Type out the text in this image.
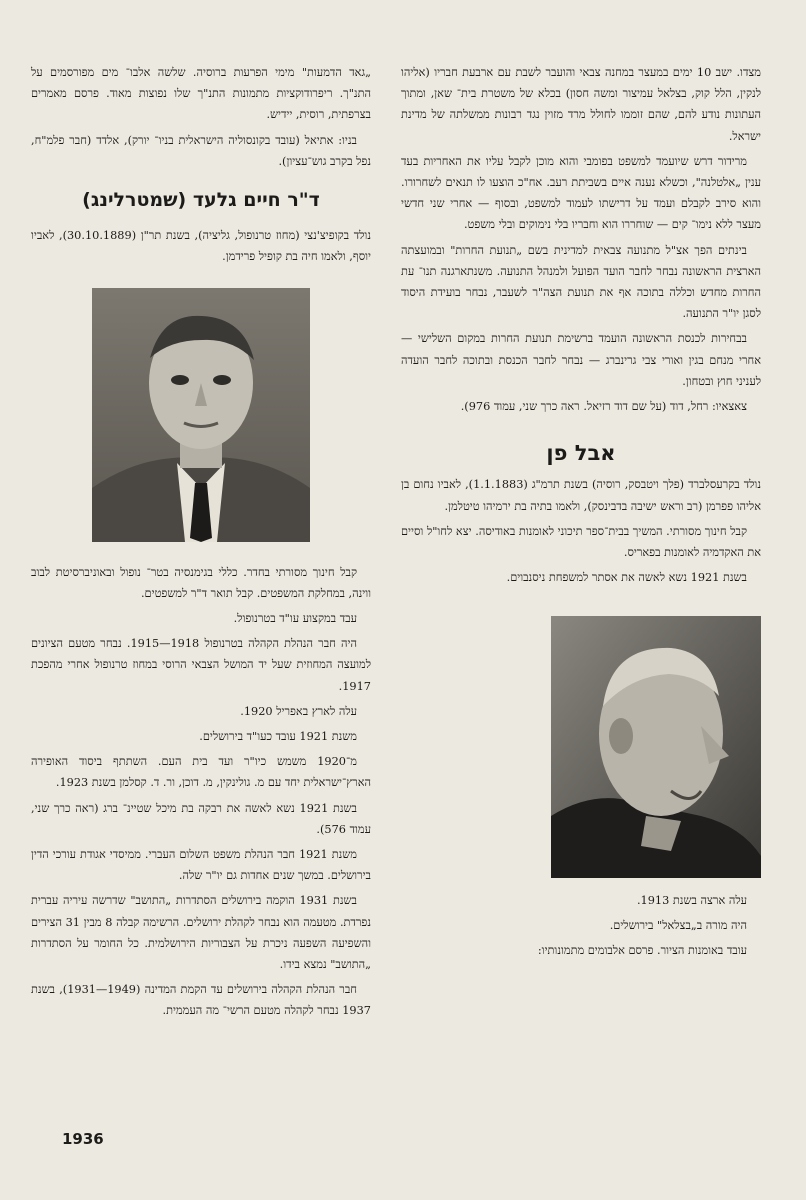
מצדו. ישב 10 ימים במעצר במחנה צבאי והועבר לשבת עם ארבעת חבריו (אליהו לנקין, הלל קוק, בצלאל עמיצור ומשה חסון) בכלא של משטרת בית־ שאן, ומתוך העתונות נודע להם, שהם זוממו לחולל מרד מזוין נגד רבונות ממשלתה של מדינת ישראל.

מרידור דרש שיועמד למשפט בפומבי והוא מוכן לקבל עליו את האחריות בעד ענין „אלטלנה", וכשלא נענה איים בשביתת רעב. אח"כ הוצעו לו תנאים לשחרורו. והוא סירב לקבלם ועמד על דרישתו לעמוד למשפט, ובסוף — אחרי שני חדשי מעצר ללא נימו־ קים — שוחררו הוא וחבריו בלי נימוקים ובלי משפט.

בינתים הפך אצ"ל מתנועה צבאית למדינית בשם „תנועת החרות" ובמועצתה הארצית הראשונה נבחר לחבר הועד הפועל ולמנהל התנועה. משנתארגנה תנו־ עת החרות מחדש וכללה בתוכה אף את תנועת הצה"ר לשעבר, נבחר בועידת היסוד לסגן יו"ר התנועה.

בבחירות לכנסת הראשונה הועמד ברשימת תנועת החרות במקום השלישי — אחרי מנחם בגין ואורי צבי גרינברג — נבחר לחבר הכנסת ובתוכה לחבר הועדה לעניני חוץ ובטחון.

צאצאיו: רחל, דוד (על שם דוד רזיאל. ראה כרך שני, עמוד 976).

אבל פן

נולד בקרעסלברד (פלך ויטבסק, רוסיה) בשנת תרמ"ג (1.1.1883), לאביו נחום בן אליהו פפרמן (רב וראש ישיבה בדבינסק), ולאמו בתיה בת ירמיהו טיטלמן.

קבל חינוך מסורתי. המשיך בבית־ספר תיכוני לאומנות באודיסה. יצא לחו"ל וסיים את האקדמיה לאומנות בפאריס.

בשנת 1921 נשא לאשה את אסתר למשפחת ניסנבוים.

עלה ארצה בשנת 1913.

היה מורה ב„בצלאל" בירושלים.

עובד באומנות הציור. פרסם אלבומים מתמונותיו:

„גאד הדמעות" מימי הפרעות ברוסיה. שלשה אלבו־ מים מפורסמים על התנ"ך. ריפרודוקציות מתמונות התנ"ך שלו נפוצות מאוד. פרסם מאמרים בצרפתית, רוסית, יידיש.

בניו: אתיאל (עובד בקונסוליה הישראלית בניו־ יורק), אלדד (חבר פלמ"ח, נפל בקרב גוש־עציון).

ד"ר חיים גלעד (שמטרלינג)

נולד בקופיצ'נצי (מחוז טרנופול, גליציה), בשנת תר"ן (30.10.1889), לאביו יוסף, ולאמו חיה בת קופיל פרידמן.

קבל חינוך מסורתי בחדר. כללי בגימנסיה בטר־ נופול ובאוניברסיטת לבוב ווינה, במחלקת המשפטים. קבל תואר ד"ר למשפטים.

עבד במקצוע עו"ד בטרנופול.

היה חבר הנהלת הקהלה בטרנופול 1918—1915. נבחר מטעם הציונים למועצה המחוזית שעל יד המושל הצבאי הרוסי במחוז טרנופול אחרי מהפכת 1917.

עלה לארץ באפריל 1920.

משנת 1921 עובד כעו"ד בירושלים.

מ־1920 משמש כיו"ר ועד בית העם. השתתף ביסוד האופירה הארץ־ישראלית יחד עם מ. גולינקין, מ. דוכן, ור. ד. קסלמן בשנת 1923.

בשנת 1921 נשא לאשה את רבקה בת מיכל שטיינ־ ברג (ראה כרך שני, עמוד 576).

משנת 1921 חבר הנהלת משפט השלום העברי. ממיסדי אגודת עורכי הדין בירושלים. במשך שנים אחדות גם יו"ר שלה.

בשנת 1931 הוקמה בירושלים הסתדרות „התושב" שדרשה עיריה עברית נפרדת. מטעמה הוא נבחר לקהלת ירושלים. הרשימה קבלה 8 מבין 31 הצירים והשפיעה השפעה ניכרת על הצבוריות הירושלמית. כל החומר על הסתדרות „התושב" נמצא בידו.

חבר הנהלת הקהלה בירושלים עד הקמת המדינה (1949—1931), בשנת 1937 נבחר לקהלה מטעם הרשי־ מה העממית.

1936
